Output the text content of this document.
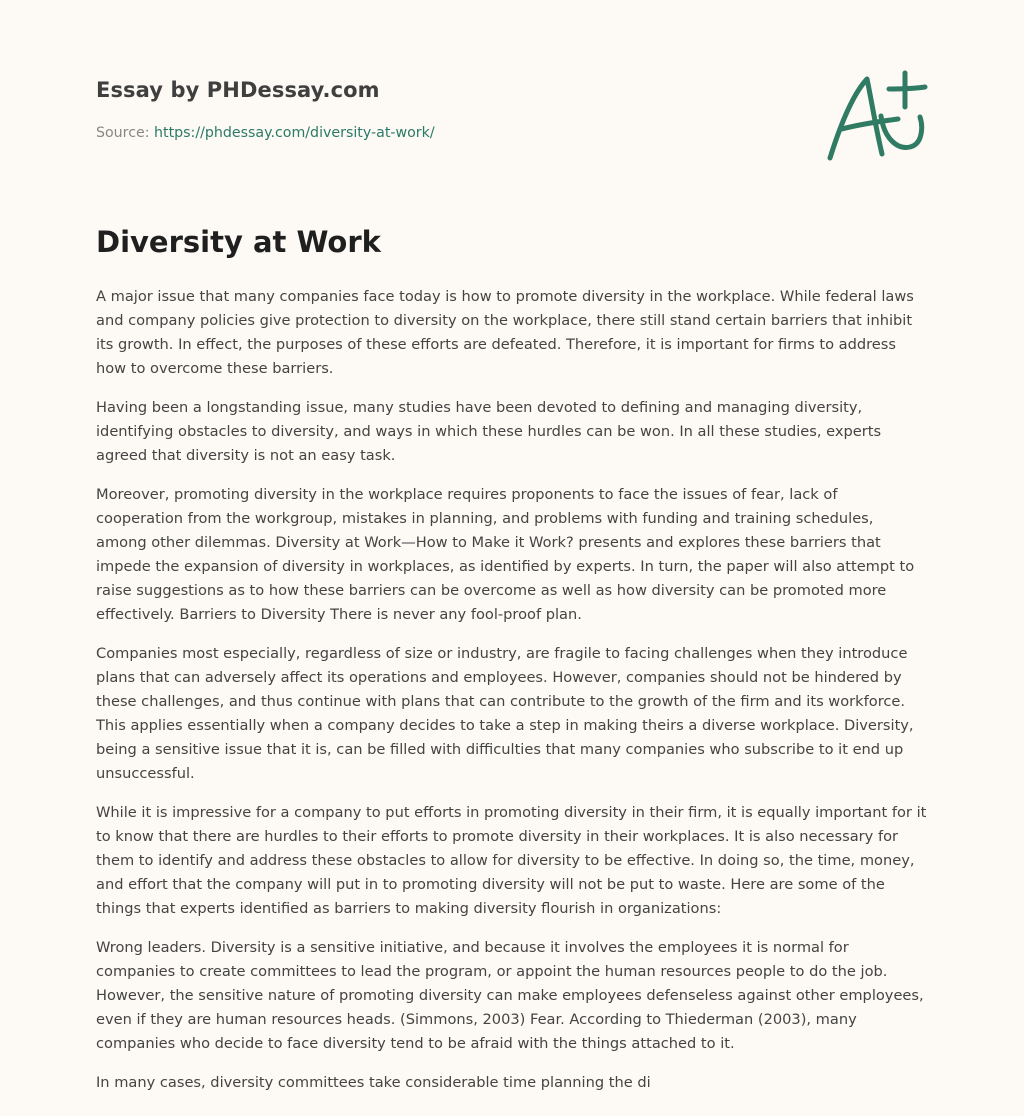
Essay by PHDessay.com
Source: https://phdessay.com/diversity-at-work/
Diversity at Work

A major issue that many companies face today is how to promote diversity in the workplace. While federal laws and company policies give protection to diversity on the workplace, there still stand certain barriers that inhibit its growth. In effect, the purposes of these efforts are defeated. Therefore, it is important for firms to address how to overcome these barriers.

Having been a longstanding issue, many studies have been devoted to defining and managing diversity, identifying obstacles to diversity, and ways in which these hurdles can be won. In all these studies, experts agreed that diversity is not an easy task.

Moreover, promoting diversity in the workplace requires proponents to face the issues of fear, lack of cooperation from the workgroup, mistakes in planning, and problems with funding and training schedules, among other dilemmas. Diversity at Work—How to Make it Work? presents and explores these barriers that impede the expansion of diversity in workplaces, as identified by experts. In turn, the paper will also attempt to raise suggestions as to how these barriers can be overcome as well as how diversity can be promoted more effectively. Barriers to Diversity There is never any fool-proof plan.

Companies most especially, regardless of size or industry, are fragile to facing challenges when they introduce plans that can adversely affect its operations and employees. However, companies should not be hindered by these challenges, and thus continue with plans that can contribute to the growth of the firm and its workforce. This applies essentially when a company decides to take a step in making theirs a diverse workplace. Diversity, being a sensitive issue that it is, can be filled with difficulties that many companies who subscribe to it end up unsuccessful.

While it is impressive for a company to put efforts in promoting diversity in their firm, it is equally important for it to know that there are hurdles to their efforts to promote diversity in their workplaces. It is also necessary for them to identify and address these obstacles to allow for diversity to be effective. In doing so, the time, money, and effort that the company will put in to promoting diversity will not be put to waste. Here are some of the things that experts identified as barriers to making diversity flourish in organizations:

Wrong leaders. Diversity is a sensitive initiative, and because it involves the employees it is normal for companies to create committees to lead the program, or appoint the human resources people to do the job. However, the sensitive nature of promoting diversity can make employees defenseless against other employees, even if they are human resources heads. (Simmons, 2003) Fear. According to Thiederman (2003), many companies who decide to face diversity tend to be afraid with the things attached to it.

In many cases, diversity committees take considerable time planning the di
